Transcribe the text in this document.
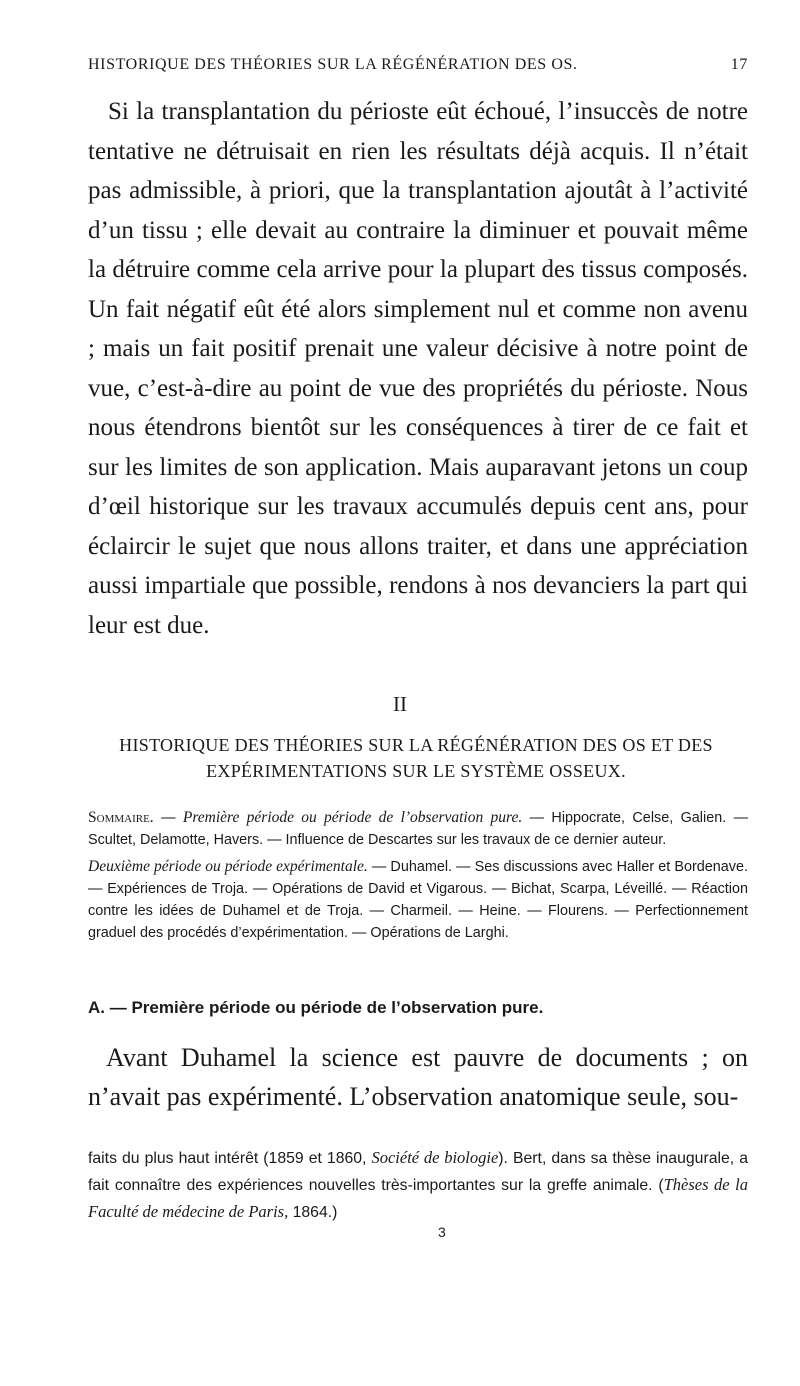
HISTORIQUE DES THÉORIES SUR LA RÉGÉNÉRATION DES OS.	17

Si la transplantation du périoste eût échoué, l’insuccès de notre tentative ne détruisait en rien les résultats déjà acquis. Il n’était pas admissible, à priori, que la transplantation ajoutât à l’activité d’un tissu ; elle devait au contraire la diminuer et pouvait même la détruire comme cela arrive pour la plupart des tissus composés. Un fait négatif eût été alors simplement nul et comme non avenu ; mais un fait positif prenait une valeur décisive à notre point de vue, c’est-à-dire au point de vue des propriétés du périoste. Nous nous étendrons bientôt sur les conséquences à tirer de ce fait et sur les limites de son application. Mais auparavant jetons un coup d’œil historique sur les travaux accumulés depuis cent ans, pour éclaircir le sujet que nous allons traiter, et dans une appréciation aussi impartiale que possible, rendons à nos devanciers la part qui leur est due.

II
HISTORIQUE DES THÉORIES SUR LA RÉGÉNÉRATION DES OS ET DES EXPÉRIMENTATIONS SUR LE SYSTÈME OSSEUX.

Sommaire. — Première période ou période de l’observation pure. — Hippocrate, Celse, Galien. — Scultet, Delamotte, Havers. — Influence de Descartes sur les travaux de ce dernier auteur.

Deuxième période ou période expérimentale. — Duhamel. — Ses discussions avec Haller et Bordenave. — Expériences de Troja. — Opérations de David et Vigarous. — Bichat, Scarpa, Léveillé. — Réaction contre les idées de Duhamel et de Troja. — Charmeil. — Heine. — Flourens. — Perfectionnement graduel des procédés d’expérimentation. — Opérations de Larghi.

A. — Première période ou période de l’observation pure.

Avant Duhamel la science est pauvre de documents ; on n’avait pas expérimenté. L’observation anatomique seule, sou-

faits du plus haut intérêt (1859 et 1860, Société de biologie). Bert, dans sa thèse inaugurale, a fait connaître des expériences nouvelles très-importantes sur la greffe animale. (Thèses de la Faculté de médecine de Paris, 1864.)

3
